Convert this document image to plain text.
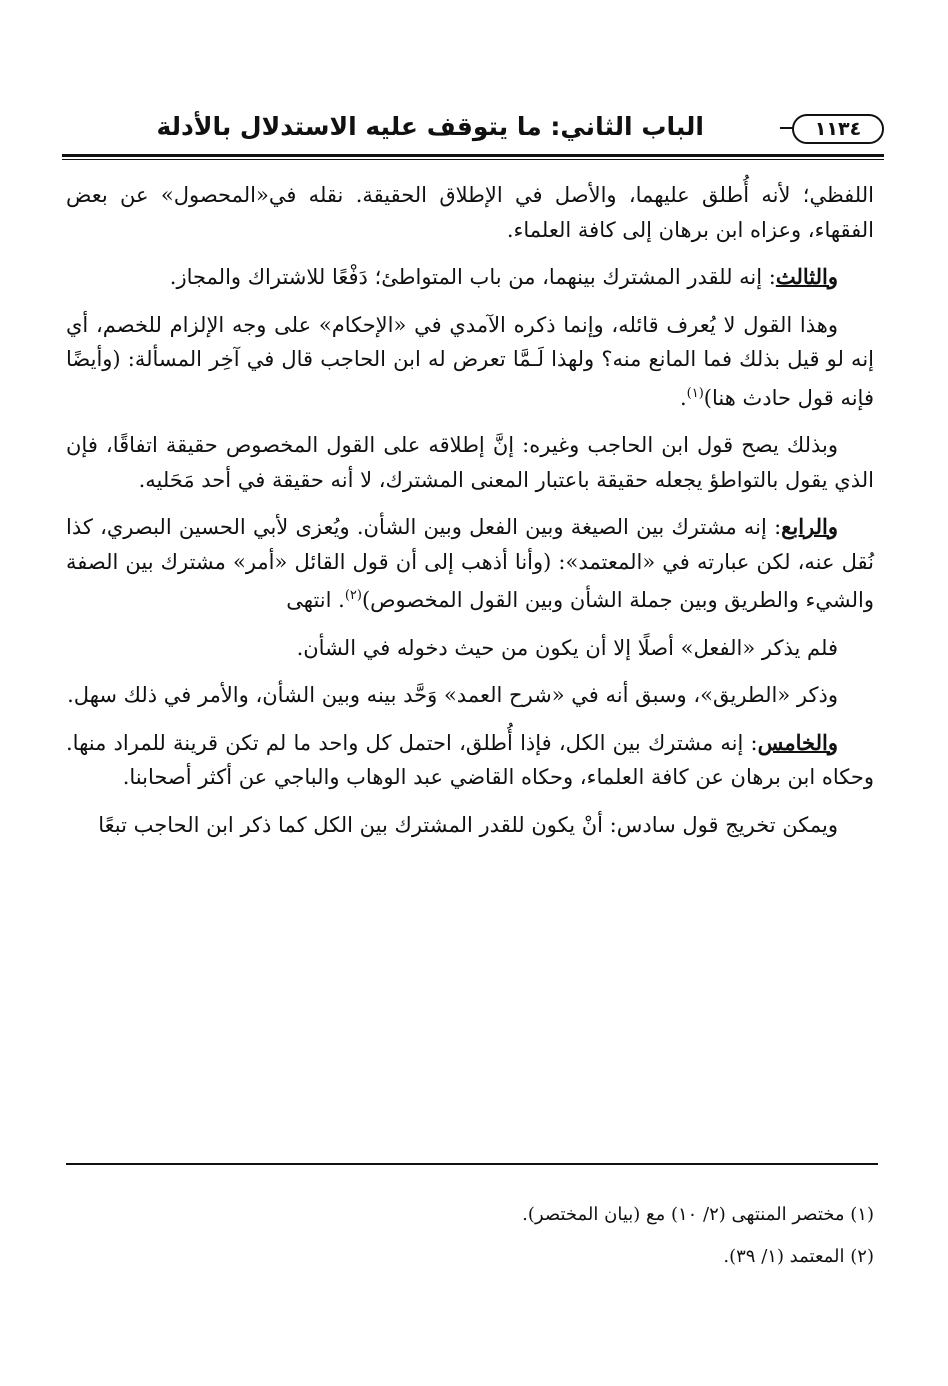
الباب الثاني: ما يتوقف عليه الاستدلال بالأدلة	١١٣٤

اللفظي؛ لأنه أُطلق عليهما، والأصل في الإطلاق الحقيقة. نقله في«المحصول» عن بعض الفقهاء، وعزاه ابن برهان إلى كافة العلماء.

والثالث: إنه للقدر المشترك بينهما، من باب المتواطئ؛ دَفْعًا للاشتراك والمجاز.

وهذا القول لا يُعرف قائله، وإنما ذكره الآمدي في «الإحكام» على وجه الإلزام للخصم، أي إنه لو قيل بذلك فما المانع منه؟ ولهذا لَـمَّا تعرض له ابن الحاجب قال في آخِر المسألة: (وأيضًا فإنه قول حادث هنا)$^{(١)}$.

وبذلك يصح قول ابن الحاجب وغيره: إنَّ إطلاقه على القول المخصوص حقيقة اتفاقًا، فإن الذي يقول بالتواطؤ يجعله حقيقة باعتبار المعنى المشترك، لا أنه حقيقة في أحد مَحَليه.

والرابع: إنه مشترك بين الصيغة وبين الفعل وبين الشأن. ويُعزى لأبي الحسين البصري، كذا نُقل عنه، لكن عبارته في «المعتمد»: (وأنا أذهب إلى أن قول القائل «أمر» مشترك بين الصفة والشيء والطريق وبين جملة الشأن وبين القول المخصوص)$^{(٢)}$. انتهى

فلم يذكر «الفعل» أصلًا إلا أن يكون من حيث دخوله في الشأن.

وذكر «الطريق»، وسبق أنه في «شرح العمد» وَحَّد بينه وبين الشأن، والأمر في ذلك سهل.

والخامس: إنه مشترك بين الكل، فإذا أُطلق، احتمل كل واحد ما لم تكن قرينة للمراد منها. وحكاه ابن برهان عن كافة العلماء، وحكاه القاضي عبد الوهاب والباجي عن أكثر أصحابنا.

ويمكن تخريج قول سادس: أنْ يكون للقدر المشترك بين الكل كما ذكر ابن الحاجب تبعًا

(١) مختصر المنتهى (٢/ ١٠) مع (بيان المختصر).
(٢) المعتمد (١/ ٣٩).
